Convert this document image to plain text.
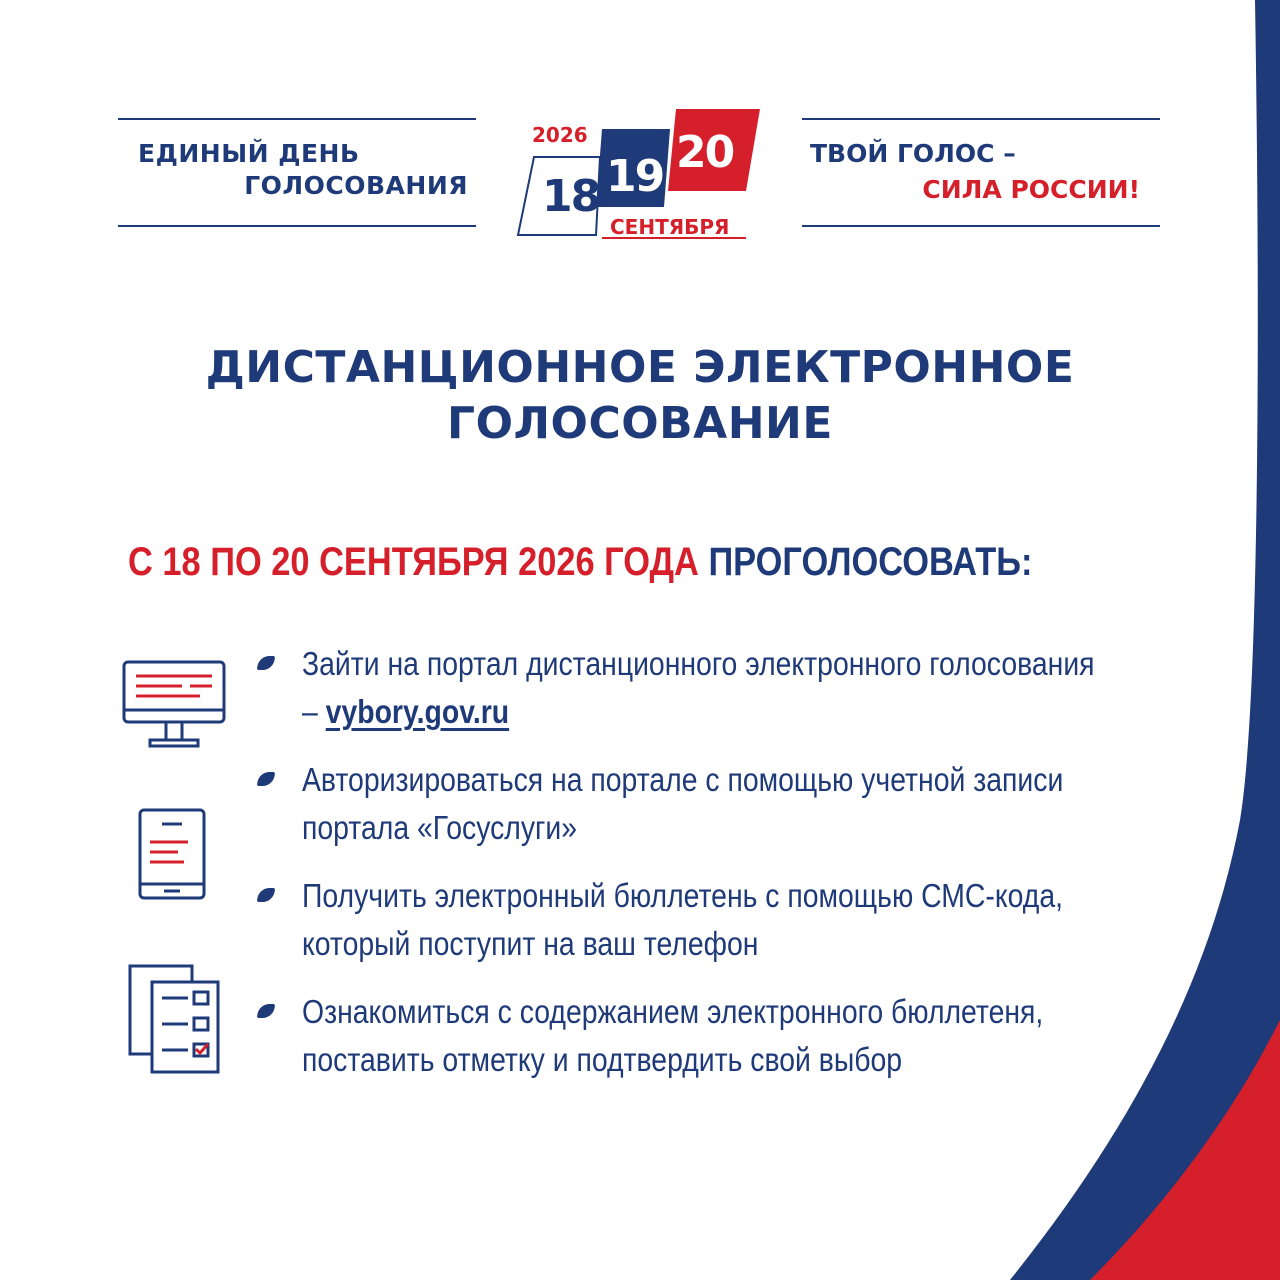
ЕДИНЫЙ ДЕНЬ
ГОЛОСОВАНИЯ
ТВОЙ ГОЛОС –
СИЛА РОССИИ!
2026
18 19 20
СЕНТЯБРЯ
ДИСТАНЦИОННОЕ ЭЛЕКТРОННОЕ
ГОЛОСОВАНИЕ
С 18 ПО 20 СЕНТЯБРЯ 2026 ГОДА ПРОГОЛОСОВАТЬ:
Зайти на портал дистанционного электронного голосования
– vybory.gov.ru
Авторизироваться на портале с помощью учетной записи
портала «Госуслуги»
Получить электронный бюллетень с помощью СМС-кода,
который поступит на ваш телефон
Ознакомиться с содержанием электронного бюллетеня,
поставить отметку и подтвердить свой выбор
